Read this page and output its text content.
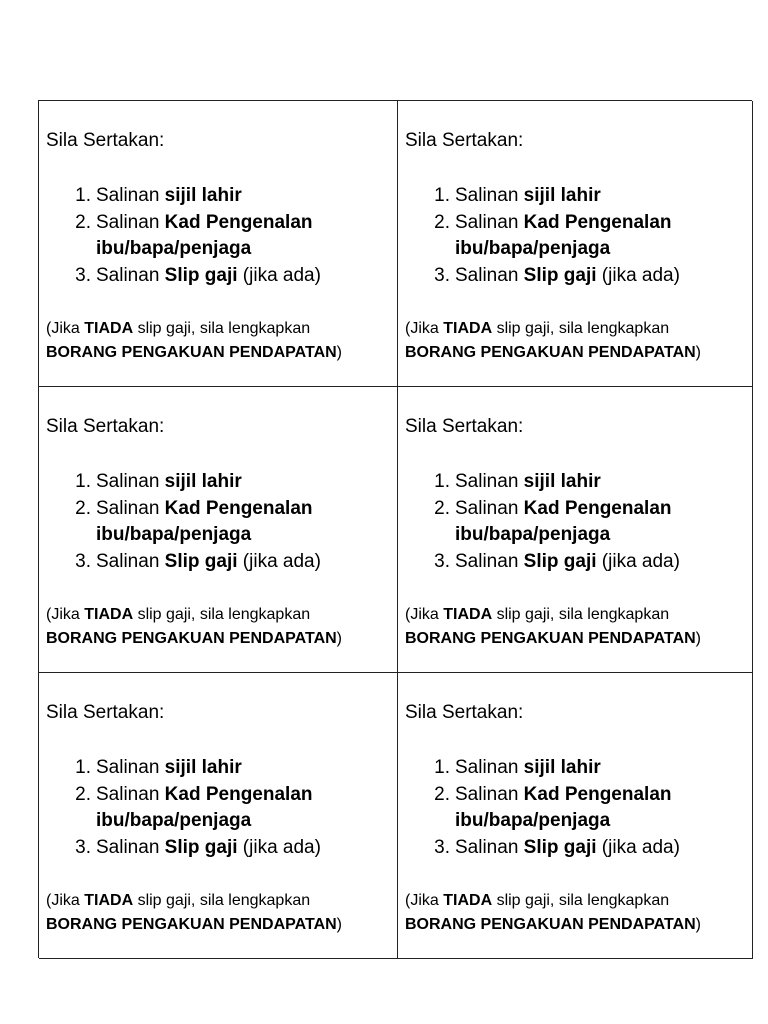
Sila Sertakan:

1. Salinan sijil lahir
2. Salinan Kad Pengenalan
ibu/bapa/penjaga
3. Salinan Slip gaji (jika ada)
(Jika TIADA slip gaji, sila lengkapkan
BORANG PENGAKUAN PENDAPATAN)

Sila Sertakan:

1. Salinan sijil lahir
2. Salinan Kad Pengenalan
ibu/bapa/penjaga
3. Salinan Slip gaji (jika ada)
(Jika TIADA slip gaji, sila lengkapkan
BORANG PENGAKUAN PENDAPATAN)

Sila Sertakan:

1. Salinan sijil lahir
2. Salinan Kad Pengenalan
ibu/bapa/penjaga
3. Salinan Slip gaji (jika ada)
(Jika TIADA slip gaji, sila lengkapkan
BORANG PENGAKUAN PENDAPATAN)

Sila Sertakan:

1. Salinan sijil lahir
2. Salinan Kad Pengenalan
ibu/bapa/penjaga
3. Salinan Slip gaji (jika ada)
(Jika TIADA slip gaji, sila lengkapkan
BORANG PENGAKUAN PENDAPATAN)

Sila Sertakan:

1. Salinan sijil lahir
2. Salinan Kad Pengenalan
ibu/bapa/penjaga
3. Salinan Slip gaji (jika ada)
(Jika TIADA slip gaji, sila lengkapkan
BORANG PENGAKUAN PENDAPATAN)

Sila Sertakan:

1. Salinan sijil lahir
2. Salinan Kad Pengenalan
ibu/bapa/penjaga
3. Salinan Slip gaji (jika ada)
(Jika TIADA slip gaji, sila lengkapkan
BORANG PENGAKUAN PENDAPATAN)
